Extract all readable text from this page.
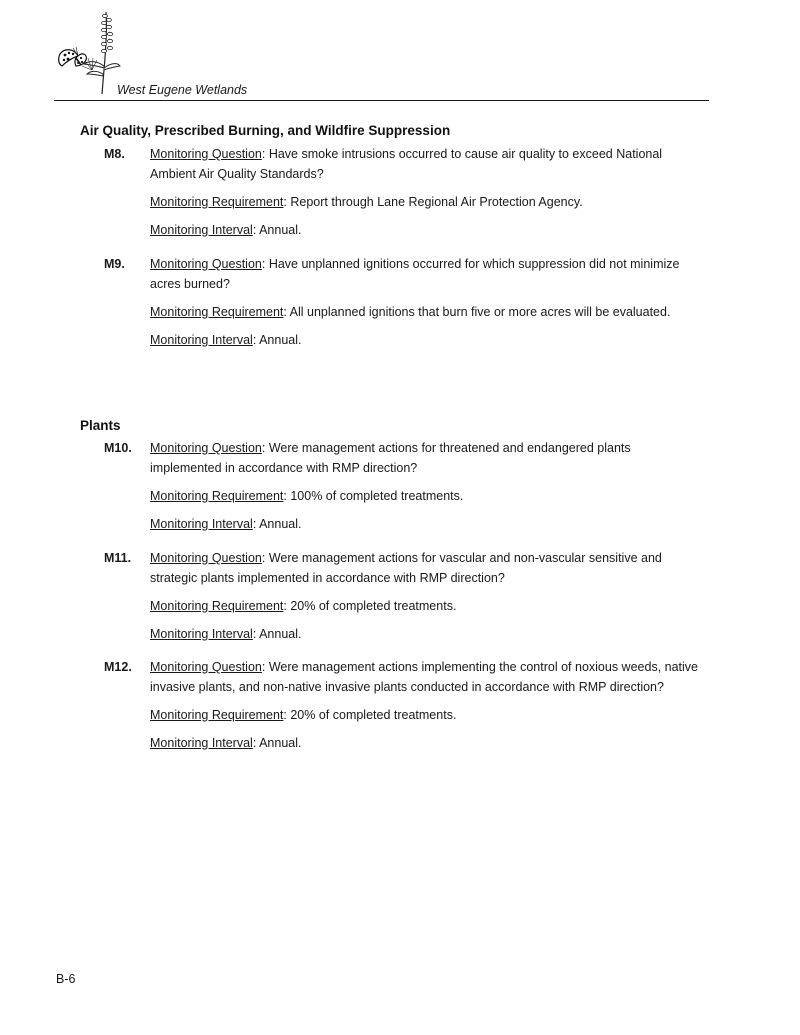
West Eugene Wetlands
Air Quality, Prescribed Burning, and Wildfire Suppression
M8. Monitoring Question: Have smoke intrusions occurred to cause air quality to exceed National Ambient Air Quality Standards?

Monitoring Requirement: Report through Lane Regional Air Protection Agency.

Monitoring Interval: Annual.

M9. Monitoring Question: Have unplanned ignitions occurred for which suppression did not minimize acres burned?

Monitoring Requirement: All unplanned ignitions that burn five or more acres will be evaluated.

Monitoring Interval: Annual.

Plants
M10. Monitoring Question: Were management actions for threatened and endangered plants implemented in accordance with RMP direction?

Monitoring Requirement: 100% of completed treatments.

Monitoring Interval: Annual.

M11. Monitoring Question: Were management actions for vascular and non-vascular sensitive and strategic plants implemented in accordance with RMP direction?

Monitoring Requirement: 20% of completed treatments.

Monitoring Interval: Annual.

M12. Monitoring Question: Were management actions implementing the control of noxious weeds, native invasive plants, and non-native invasive plants conducted in accordance with RMP direction?

Monitoring Requirement: 20% of completed treatments.

Monitoring Interval: Annual.

B-6
